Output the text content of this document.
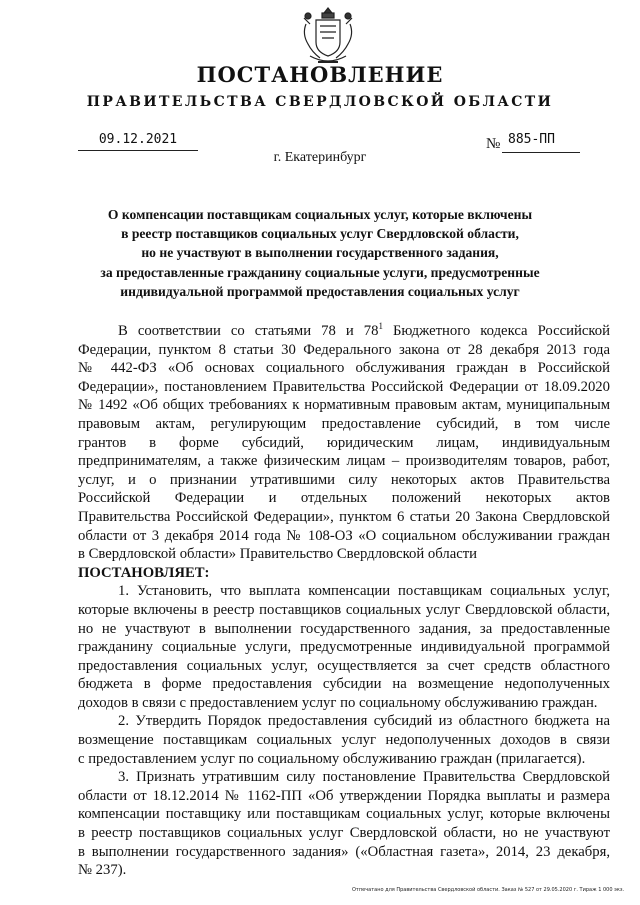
ПОСТАНОВЛЕНИЕ
ПРАВИТЕЛЬСТВА СВЕРДЛОВСКОЙ ОБЛАСТИ
09.12.2021	№ 885-ПП
г. Екатеринбург
О компенсации поставщикам социальных услуг, которые включены
в реестр поставщиков социальных услуг Свердловской области,
но не участвуют в выполнении государственного задания,
за предоставленные гражданину социальные услуги, предусмотренные
индивидуальной программой предоставления социальных услуг
В соответствии со статьями 78 и $78^1$ Бюджетного кодекса Российской
Федерации, пунктом 8 статьи 30 Федерального закона от 28 декабря 2013 года
№ 442-ФЗ «Об основах социального обслуживания граждан в Российской
Федерации», постановлением Правительства Российской Федерации от 18.09.2020
№ 1492 «Об общих требованиях к нормативным правовым актам, муниципальным
правовым актам, регулирующим предоставление субсидий, в том числе
грантов в форме субсидий, юридическим лицам, индивидуальным
предпринимателям, а также физическим лицам – производителям товаров, работ,
услуг, и о признании утратившими силу некоторых актов Правительства
Российской Федерации и отдельных положений некоторых актов
Правительства Российской Федерации», пунктом 6 статьи 20 Закона Свердловской
области от 3 декабря 2014 года № 108-ОЗ «О социальном обслуживании граждан
в Свердловской области» Правительство Свердловской области
ПОСТАНОВЛЯЕТ:
1. Установить, что выплата компенсации поставщикам социальных услуг,
которые включены в реестр поставщиков социальных услуг Свердловской области,
но не участвуют в выполнении государственного задания, за предоставленные
гражданину социальные услуги, предусмотренные индивидуальной программой
предоставления социальных услуг, осуществляется за счет средств областного
бюджета в форме предоставления субсидии на возмещение недополученных
доходов в связи с предоставлением услуг по социальному обслуживанию граждан.
2. Утвердить Порядок предоставления субсидий из областного бюджета на
возмещение поставщикам социальных услуг недополученных доходов в связи
с предоставлением услуг по социальному обслуживанию граждан (прилагается).
3. Признать утратившим силу постановление Правительства Свердловской
области от 18.12.2014 № 1162-ПП «Об утверждении Порядка выплаты и размера
компенсации поставщику или поставщикам социальных услуг, которые включены
в реестр поставщиков социальных услуг Свердловской области, но не участвуют
в выполнении государственного задания» («Областная газета», 2014, 23 декабря,
№ 237).
Отпечатано для Правительства Свердловской области. Заказ № 527 от 29.05.2020 г. Тираж 1 000 экз.
